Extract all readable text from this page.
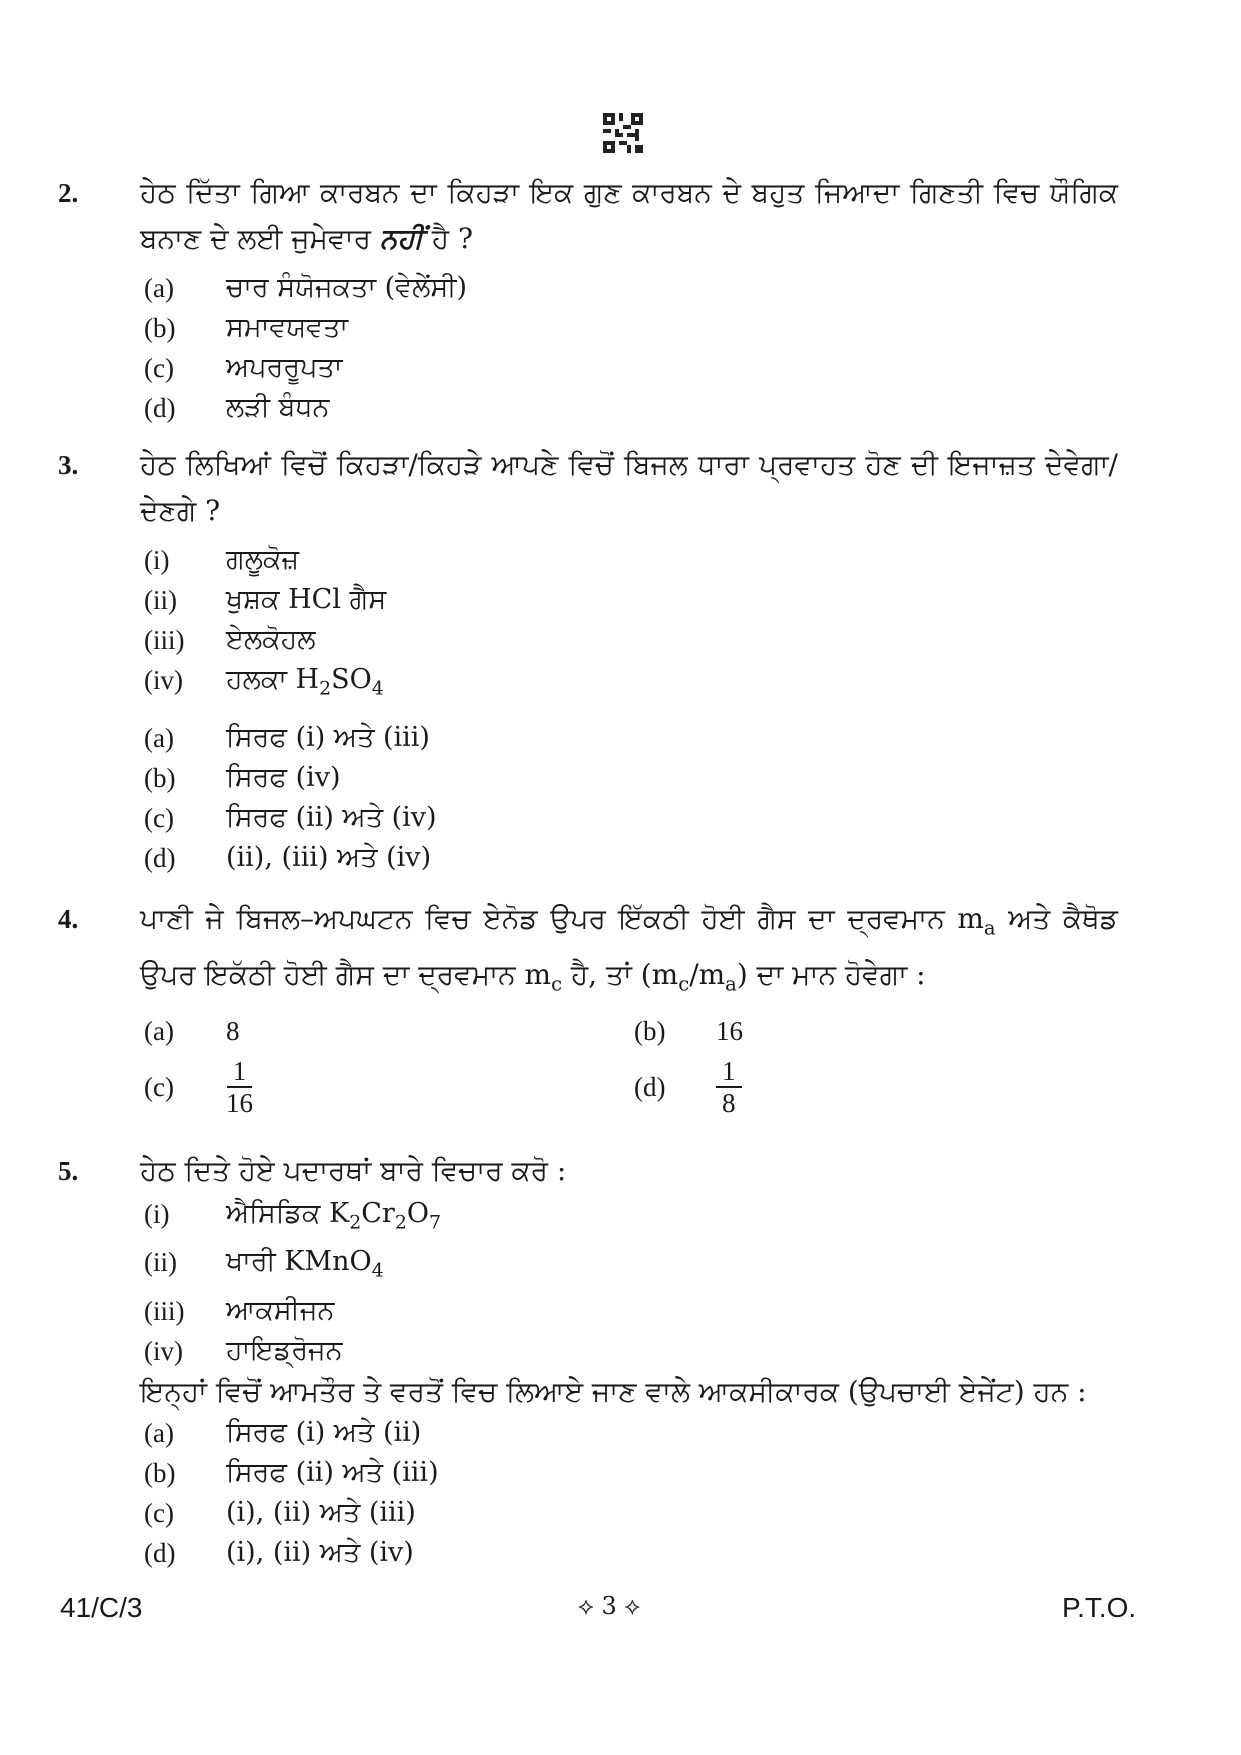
2. ਹੇਠ ਦਿੱਤਾ ਗਿਆ ਕਾਰਬਨ ਦਾ ਕਿਹੜਾ ਇਕ ਗੁਣ ਕਾਰਬਨ ਦੇ ਬਹੁਤ ਜਿਆਦਾ ਗਿਣਤੀ ਵਿਚ ਯੌਗਿਕ ਬਨਾਣ ਦੇ ਲਈ ਜੁਮੇਵਾਰ ਨਹੀਂ ਹੈ ?
(a)	ਚਾਰ ਸੰਯੋਜਕਤਾ (ਵੇਲੇਂਸੀ)
(b)	ਸਮਾਵਯਵਤਾ
(c)	ਅਪਰਰੂਪਤਾ
(d)	ਲੜੀ ਬੰਧਨ
3. ਹੇਠ ਲਿਖਿਆਂ ਵਿਚੋਂ ਕਿਹੜਾ/ਕਿਹੜੇ ਆਪਣੇ ਵਿਚੋਂ ਬਿਜਲ ਧਾਰਾ ਪ੍ਰਵਾਹਤ ਹੋਣ ਦੀ ਇਜਾਜ਼ਤ ਦੇਵੇਗਾ/ਦੇਣਗੇ ?
(i)	ਗਲੂਕੋਜ਼
(ii)	ਖੁਸ਼ਕ HCl ਗੈਸ
(iii)	ਏਲਕੋਹਲ
(iv)	ਹਲਕਾ $H_2SO_4$
(a)	ਸਿਰਫ (i) ਅਤੇ (iii)
(b)	ਸਿਰਫ (iv)
(c)	ਸਿਰਫ (ii) ਅਤੇ (iv)
(d)	(ii), (iii) ਅਤੇ (iv)
4. ਪਾਣੀ ਜੇ ਬਿਜਲ–ਅਪਘਟਨ ਵਿਚ ਏਨੋਡ ਉਪਰ ਇੱਕਠੀ ਹੋਈ ਗੈਸ ਦਾ ਦ੍ਰਵਮਾਨ $m_a$ ਅਤੇ ਕੈਥੋਡ ਉਪਰ ਇਕੱਠੀ ਹੋਈ ਗੈਸ ਦਾ ਦ੍ਰਵਮਾਨ $m_c$ ਹੈ, ਤਾਂ $(m_c/m_a)$ ਦਾ ਮਾਨ ਹੋਵੇਗਾ :
(a)	8	(b)	16
(c)	$\frac{1}{16}$	(d)	$\frac{1}{8}$
5. ਹੇਠ ਦਿਤੇ ਹੋਏ ਪਦਾਰਥਾਂ ਬਾਰੇ ਵਿਚਾਰ ਕਰੋ :
(i)	ਐਸਿਡਿਕ $K_2Cr_2O_7$
(ii)	ਖਾਰੀ KMnO$_4$
(iii)	ਆਕਸੀਜਨ
(iv)	ਹਾਇਡ੍ਰੋਜਨ
ਇਨ੍ਹਾਂ ਵਿਚੋਂ ਆਮਤੌਰ ਤੇ ਵਰਤੋਂ ਵਿਚ ਲਿਆਏ ਜਾਣ ਵਾਲੇ ਆਕਸੀਕਾਰਕ (ਉਪਚਾਈ ਏਜੇਂਟ) ਹਨ :
(a)	ਸਿਰਫ (i) ਅਤੇ (ii)
(b)	ਸਿਰਫ (ii) ਅਤੇ (iii)
(c)	(i), (ii) ਅਤੇ (iii)
(d)	(i), (ii) ਅਤੇ (iv)
41/C/3	⟡ 3 ⟡	P.T.O.
